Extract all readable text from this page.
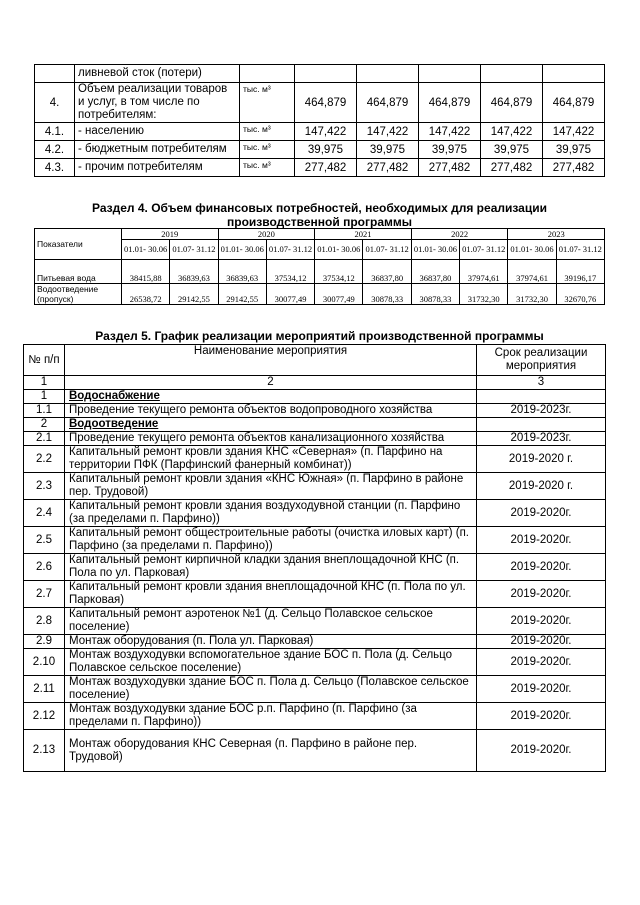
	ливневой сток (потери)						
4.	Объем реализации товаров и услуг, в том числе по потребителям:	тыс. м³	464,879	464,879	464,879	464,879	464,879
4.1.	- населению	тыс. м³	147,422	147,422	147,422	147,422	147,422
4.2.	- бюджетным потребителям	тыс. м³	39,975	39,975	39,975	39,975	39,975
4.3.	- прочим потребителям	тыс. м³	277,482	277,482	277,482	277,482	277,482

Раздел 4. Объем финансовых потребностей, необходимых для реализации
производственной программы

Показатели	2019		2020		2021		2022		2023	
	01.01- 30.06	01.07- 31.12	01.01- 30.06	01.07- 31.12	01.01- 30.06	01.07- 31.12	01.01- 30.06	01.07- 31.12	01.01- 30.06	01.07- 31.12
Питьевая вода	38415,88	36839,63	36839,63	37534,12	37534,12	36837,80	36837,80	37974,61	37974,61	39196,17
Водоотведение (пропуск)	26538,72	29142,55	29142,55	30077,49	30077,49	30878,33	30878,33	31732,30	31732,30	32670,76

Раздел 5. График реализации мероприятий производственной программы

№ п/п	Наименование мероприятия	Срок реализации мероприятия
1	2	3
1	Водоснабжение	
1.1	Проведение текущего ремонта объектов водопроводного хозяйства	2019-2023г.
2	Водоотведение	
2.1	Проведение текущего ремонта объектов канализационного хозяйства	2019-2023г.
2.2	Капитальный ремонт кровли здания КНС «Северная» (п. Парфино на территории ПФК (Парфинский фанерный комбинат))	2019-2020 г.
2.3	Капитальный ремонт кровли здания «КНС Южная» (п. Парфино в районе пер. Трудовой)	2019-2020 г.
2.4	Капитальный ремонт кровли здания воздуходувной станции (п. Парфино (за пределами п. Парфино))	2019-2020г.
2.5	Капитальный ремонт общестроительные работы (очистка иловых карт) (п. Парфино (за пределами п. Парфино))	2019-2020г.
2.6	Капитальный ремонт кирпичной кладки здания внеплощадочной КНС (п. Пола по ул. Парковая)	2019-2020г.
2.7	Капитальный ремонт кровли здания внеплощадочной КНС (п. Пола по ул. Парковая)	2019-2020г.
2.8	Капитальный ремонт аэротенок №1 (д. Сельцо Полавское сельское поселение)	2019-2020г.
2.9	Монтаж оборудования (п. Пола ул. Парковая)	2019-2020г.
2.10	Монтаж воздуходувки вспомогательное здание БОС п. Пола (д. Сельцо Полавское сельское поселение)	2019-2020г.
2.11	Монтаж воздуходувки здание БОС п. Пола д. Сельцо (Полавское сельское поселение)	2019-2020г.
2.12	Монтаж воздуходувки здание БОС р.п. Парфино (п. Парфино (за пределами п. Парфино))	2019-2020г.
2.13	Монтаж оборудования КНС Северная (п. Парфино в районе пер. Трудовой)	2019-2020г.
